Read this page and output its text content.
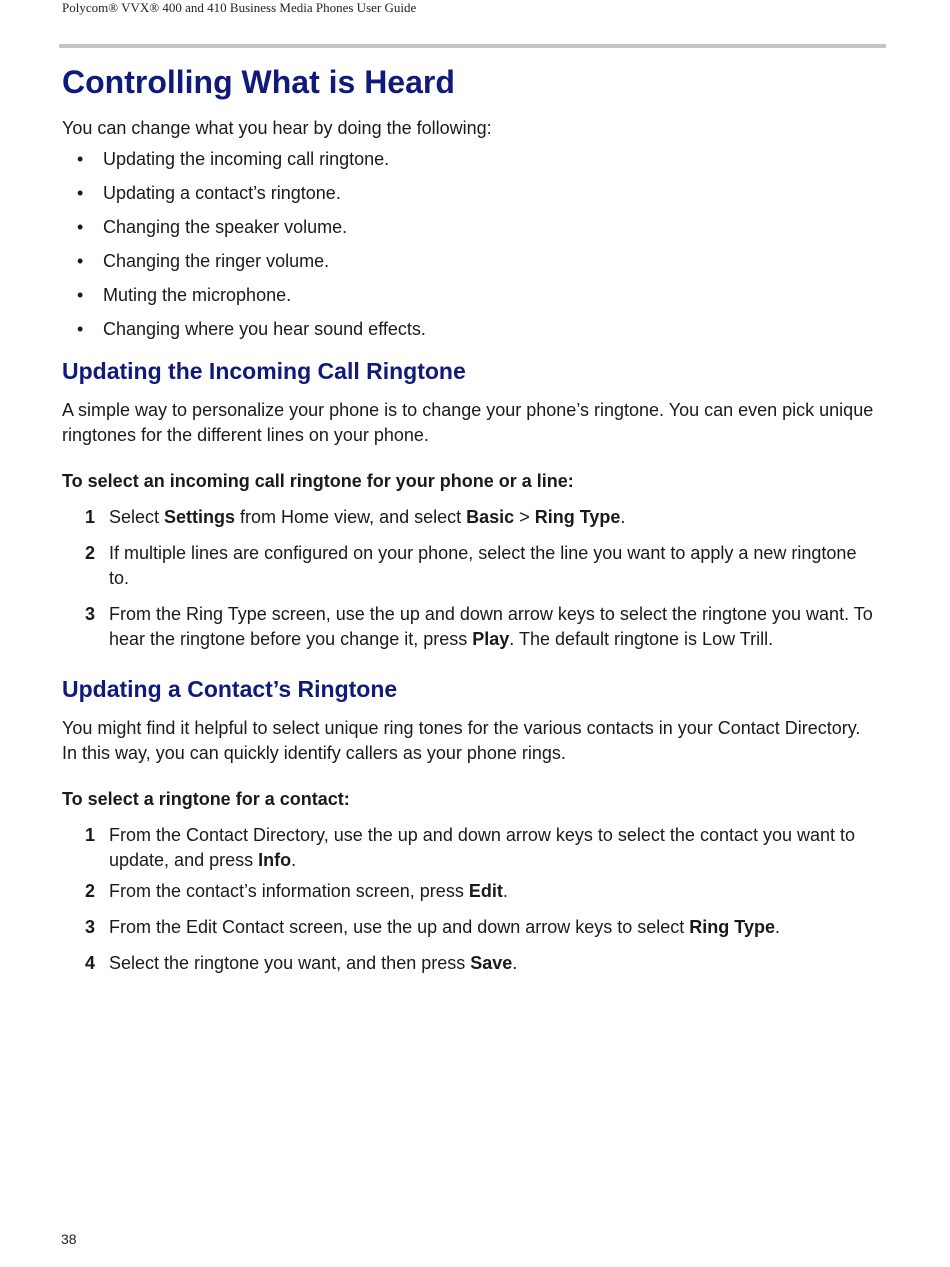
Polycom® VVX® 400 and 410 Business Media Phones User Guide
Controlling What is Heard

You can change what you hear by doing the following:

• Updating the incoming call ringtone.
• Updating a contact’s ringtone.
• Changing the speaker volume.
• Changing the ringer volume.
• Muting the microphone.
• Changing where you hear sound effects.
Updating the Incoming Call Ringtone

A simple way to personalize your phone is to change your phone’s ringtone. You can even pick unique ringtones for the different lines on your phone.

To select an incoming call ringtone for your phone or a line:
1 Select Settings from Home view, and select Basic > Ring Type.
2 If multiple lines are configured on your phone, select the line you want to apply a new ringtone to.
3 From the Ring Type screen, use the up and down arrow keys to select the ringtone you want. To hear the ringtone before you change it, press Play. The default ringtone is Low Trill.
Updating a Contact’s Ringtone

You might find it helpful to select unique ring tones for the various contacts in your Contact Directory. In this way, you can quickly identify callers as your phone rings.

To select a ringtone for a contact:
1 From the Contact Directory, use the up and down arrow keys to select the contact you want to update, and press Info.
2 From the contact’s information screen, press Edit.
3 From the Edit Contact screen, use the up and down arrow keys to select Ring Type.
4 Select the ringtone you want, and then press Save.
38
